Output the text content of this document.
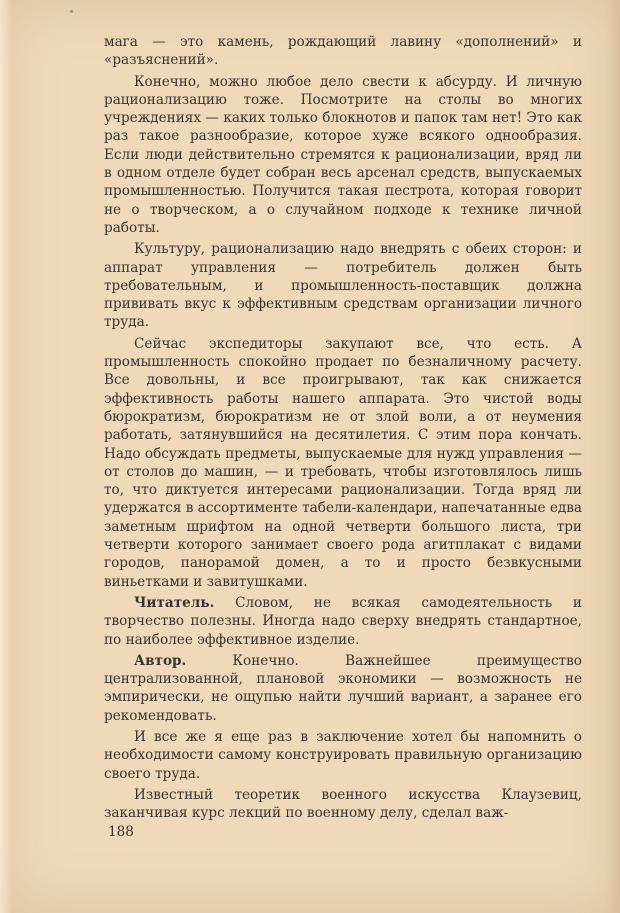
мага — это камень, рождающий лавину «дополнений» и «разъяснений».

Конечно, можно любое дело свести к абсурду. И личную рационализацию тоже. Посмотрите на столы во многих учреждениях — каких только блокнотов и папок там нет! Это как раз такое разнообразие, которое хуже всякого однообразия. Если люди действительно стремятся к рационализации, вряд ли в одном отделе будет собран весь арсенал средств, выпускаемых промышленностью. Получится такая пестрота, которая говорит не о творческом, а о случайном подходе к технике личной работы.

Культуру, рационализацию надо внедрять с обеих сторон: и аппарат управления — потребитель должен быть требовательным, и промышленность-поставщик должна прививать вкус к эффективным средствам организации личного труда.

Сейчас экспедиторы закупают все, что есть. А промышленность спокойно продает по безналичному расчету. Все довольны, и все проигрывают, так как снижается эффективность работы нашего аппарата. Это чистой воды бюрократизм, бюрократизм не от злой воли, а от неумения работать, затянувшийся на десятилетия. С этим пора кончать. Надо обсуждать предметы, выпускаемые для нужд управления — от столов до машин, — и требовать, чтобы изготовлялось лишь то, что диктуется интересами рационализации. Тогда вряд ли удержатся в ассортименте табели-календари, напечатанные едва заметным шрифтом на одной четверти большого листа, три четверти которого занимает своего рода агитплакат с видами городов, панорамой домен, а то и просто безвкусными виньетками и завитушками.

Читатель. Словом, не всякая самодеятельность и творчество полезны. Иногда надо сверху внедрять стандартное, по наиболее эффективное изделие.

Автор.	Конечно. Важнейшее преимущество централизованной, плановой экономики — возможность не эмпирически, не ощупью найти лучший вариант, а заранее его рекомендовать.

И все же я еще раз в заключение хотел бы напомнить о необходимости самому конструировать правильную организацию своего труда.

Известный теоретик военного искусства Клаузевиц, заканчивая курс лекций по военному делу, сделал важ-

188
